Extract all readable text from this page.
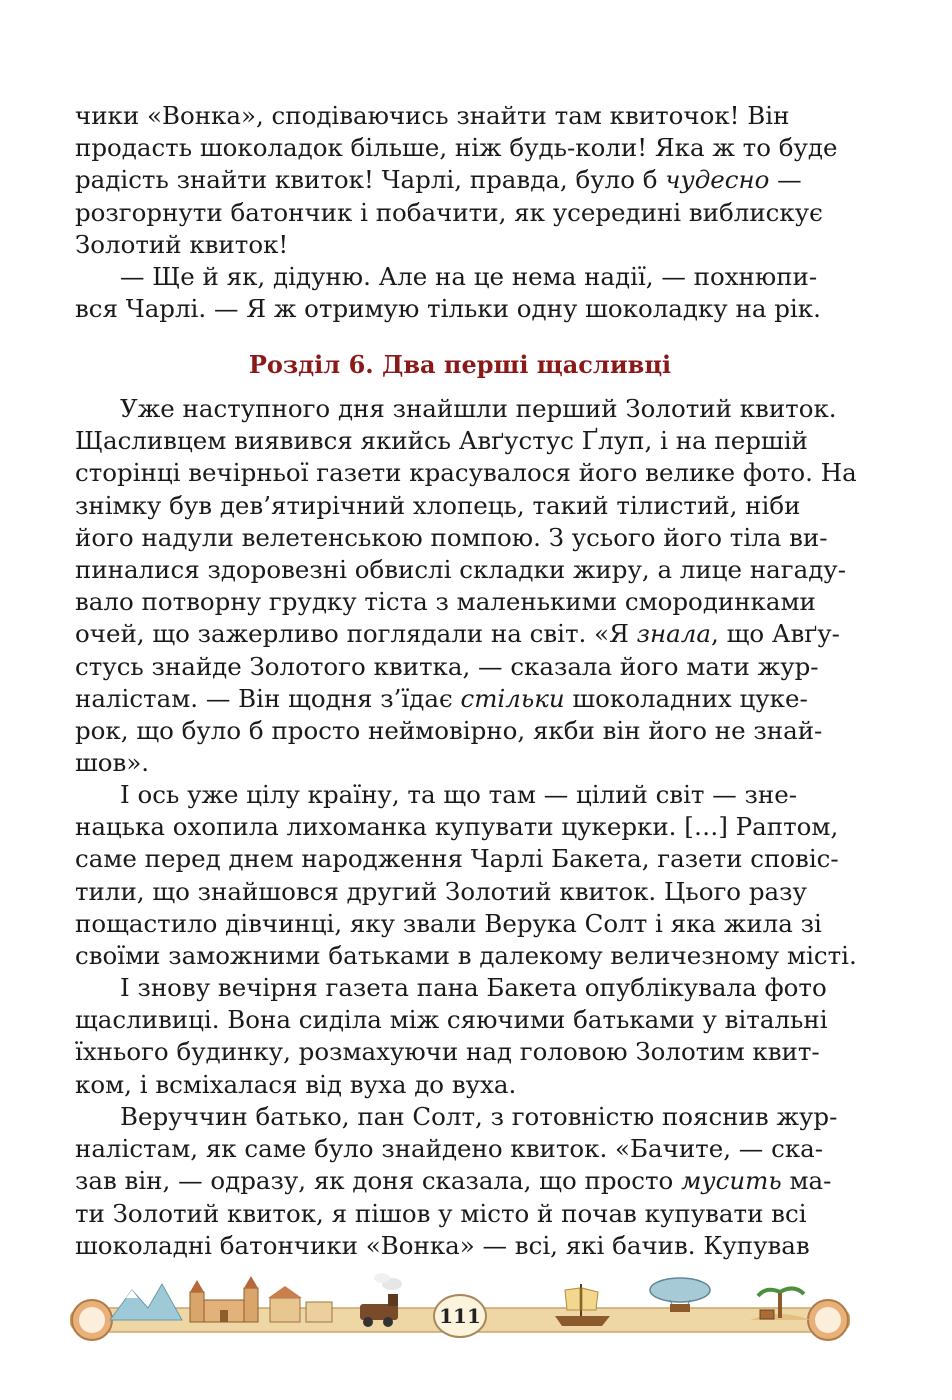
чики «Вонка», сподіваючись знайти там квиточок! Він
продасть шоколадок більше, ніж будь-коли! Яка ж то буде
радість знайти квиток! Чарлі, правда, було б чудесно —
розгорнути батончик і побачити, як усередині виблискує
Золотий квиток!
— Ще й як, дідуню. Але на це нема надії, — похнюпи-
вся Чарлі. — Я ж отримую тільки одну шоколадку на рік.
Розділ 6. Два перші щасливці
Уже наступного дня знайшли перший Золотий квиток.
Щасливцем виявився якийсь Авґустус Ґлуп, і на першій
сторінці вечірньої газети красувалося його велике фото. На
знімку був дев’ятирічний хлопець, такий тілистий, ніби
його надули велетенською помпою. З усього його тіла ви-
пиналися здоровезні обвислі складки жиру, а лице нагаду-
вало потворну грудку тіста з маленькими смородинками
очей, що зажерливо поглядали на світ. «Я знала, що Авґу-
стусь знайде Золотого квитка, — сказала його мати жур-
налістам. — Він щодня з’їдає стільки шоколадних цуке-
рок, що було б просто неймовірно, якби він його не знай-
шов».
І ось уже цілу країну, та що там — цілий світ — зне-
нацька охопила лихоманка купувати цукерки. […] Раптом,
саме перед днем народження Чарлі Бакета, газети сповіс-
тили, що знайшовся другий Золотий квиток. Цього разу
пощастило дівчинці, яку звали Верука Солт і яка жила зі
своїми заможними батьками в далекому величезному місті.
І знову вечірня газета пана Бакета опублікувала фото
щасливиці. Вона сиділа між сяючими батьками у вітальні
їхнього будинку, розмахуючи над головою Золотим квит-
ком, і всміхалася від вуха до вуха.
Веруччин батько, пан Солт, з готовністю пояснив жур-
налістам, як саме було знайдено квиток. «Бачите, — ска-
зав він, — одразу, як доня сказала, що просто мусить ма-
ти Золотий квиток, я пішов у місто й почав купувати всі
шоколадні батончики «Вонка» — всі, які бачив. Купував
111
